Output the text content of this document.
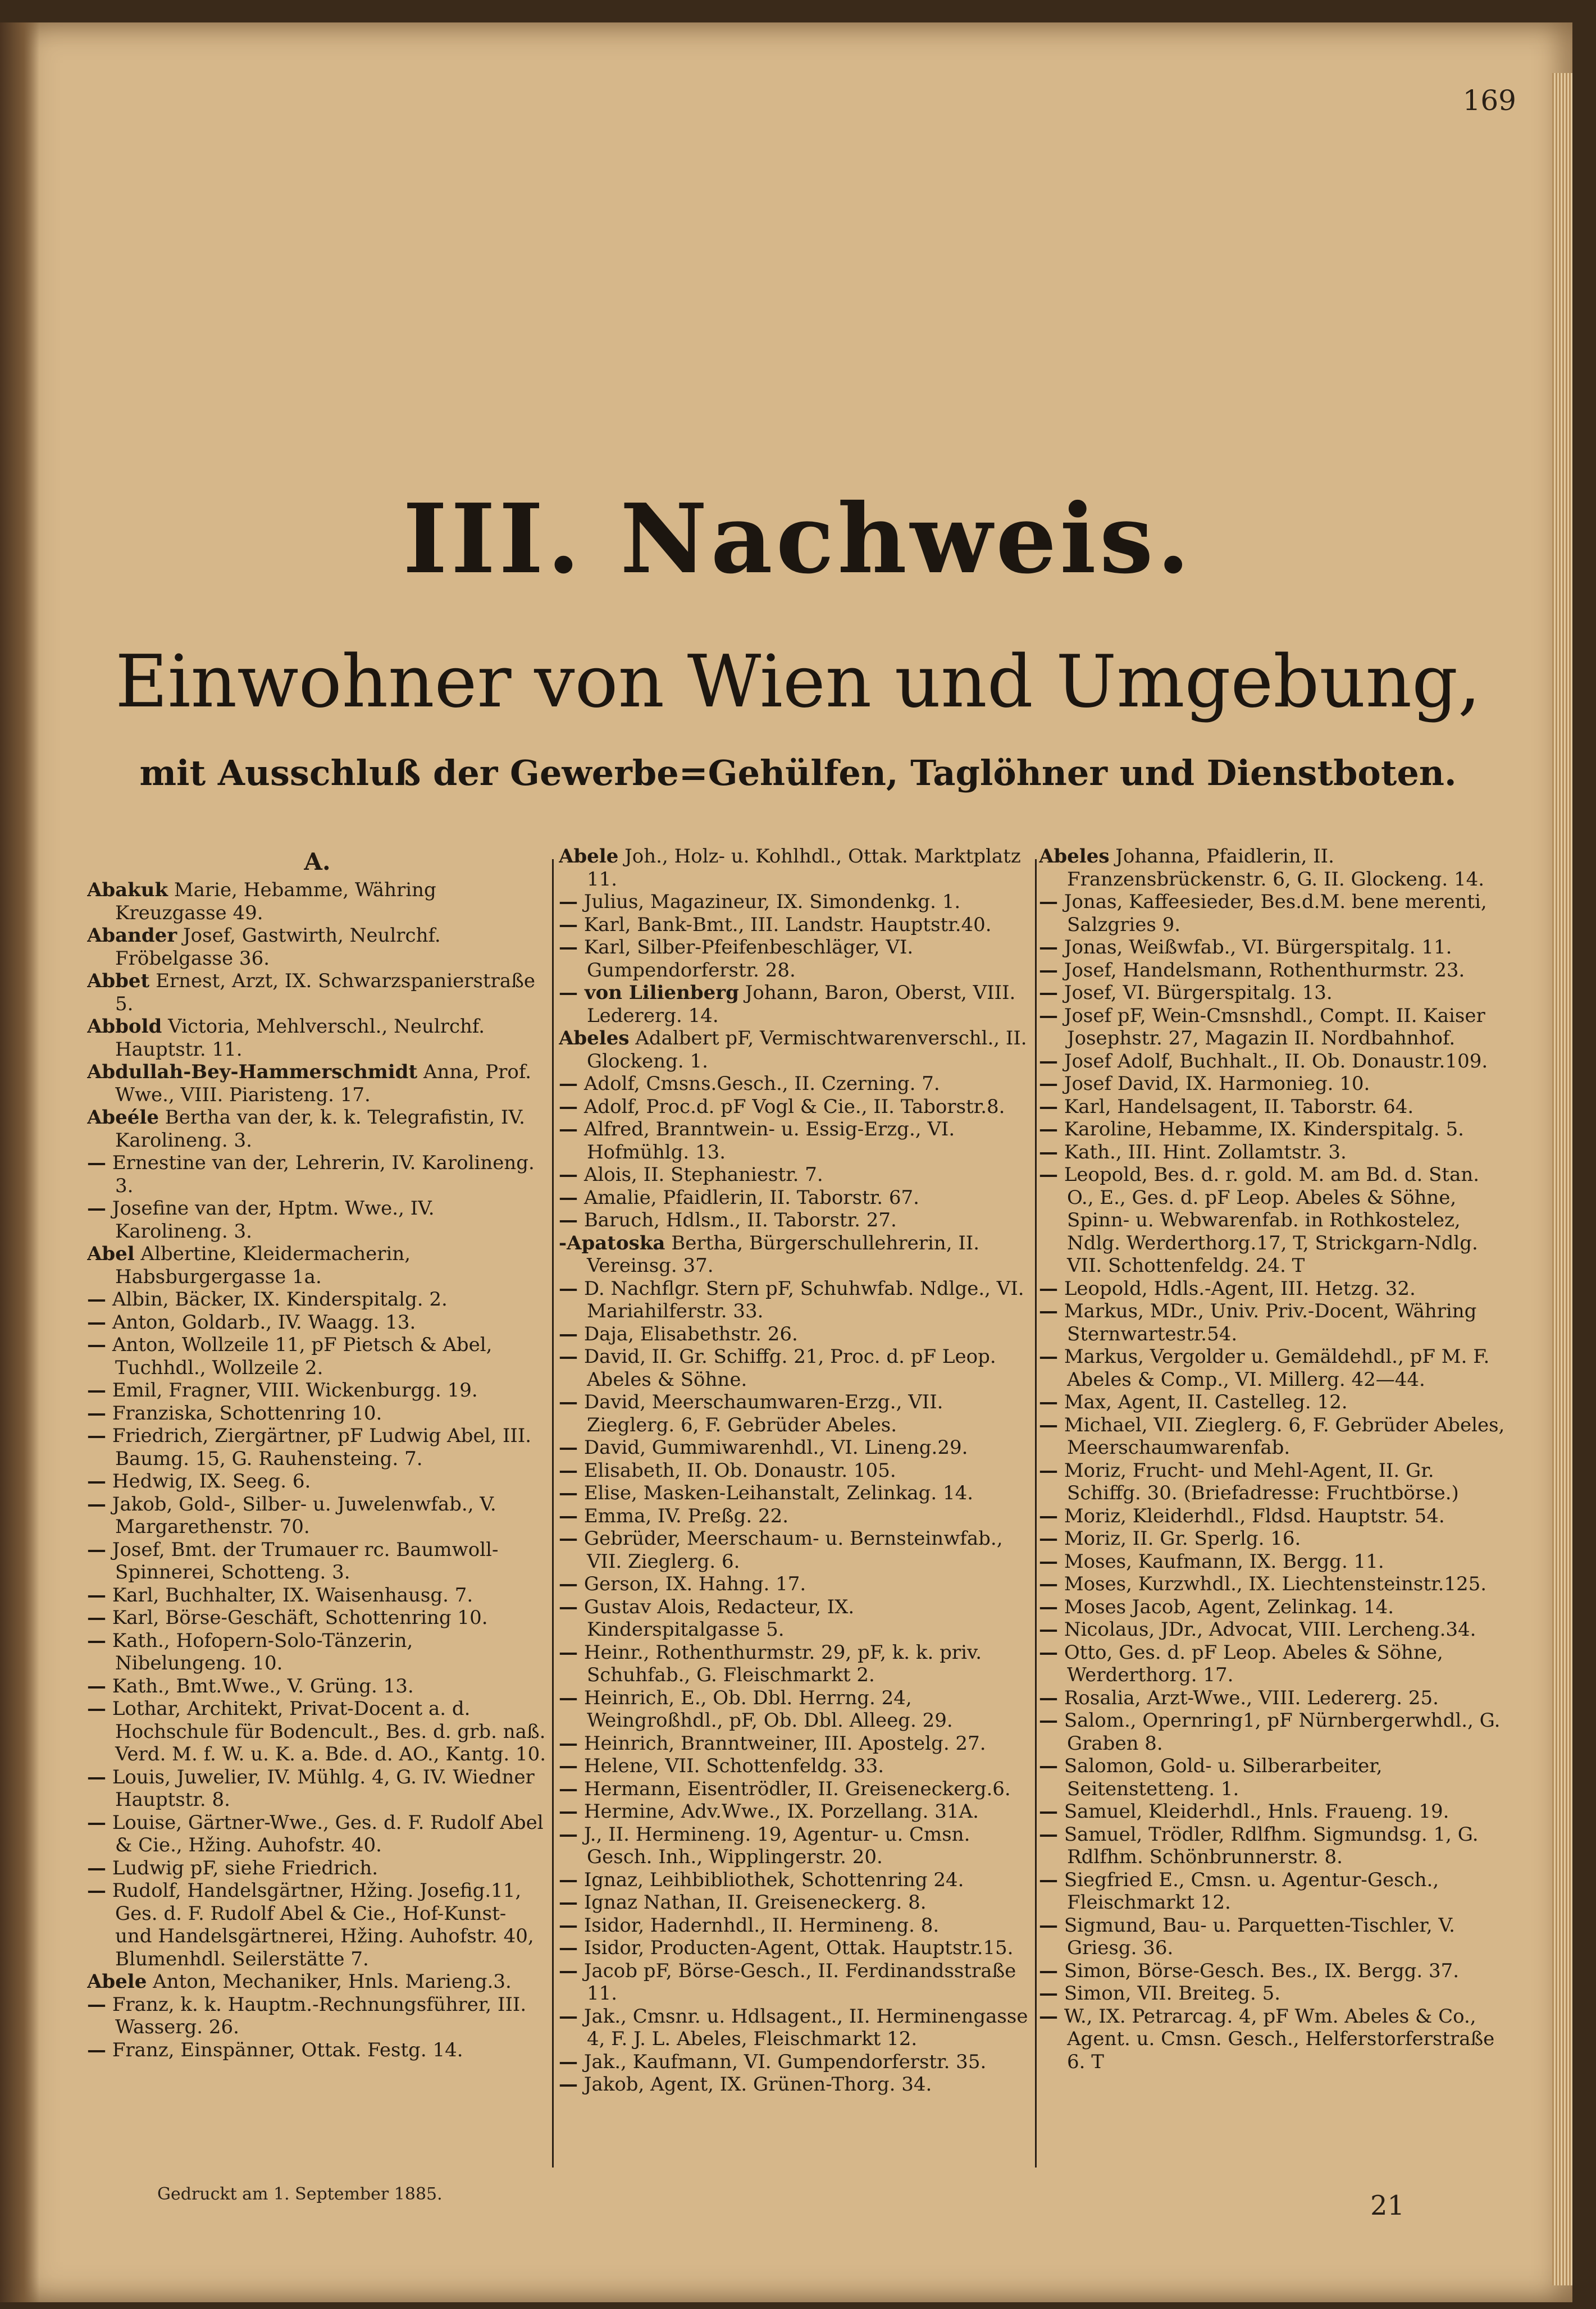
169
III. Nachweis.
Einwohner von Wien und Umgebung,
mit Ausschluß der Gewerbe=Gehülfen, Taglöhner und Dienstboten.
A.

Abakuk Marie, Hebamme, Währing Kreuzgasse 49.

Abander Josef, Gastwirth, Neulrchf. Fröbelgasse 36.

Abbet Ernest, Arzt, IX. Schwarzspanierstraße 5.

Abbold Victoria, Mehlverschl., Neulrchf. Hauptstr. 11.

Abdullah-Bey-Hammerschmidt Anna, Prof. Wwe., VIII. Piaristeng. 17.

Abeéle Bertha van der, k. k. Telegrafistin, IV. Karolineng. 3.

— Ernestine van der, Lehrerin, IV. Karolineng. 3.

— Josefine van der, Hptm. Wwe., IV. Karolineng. 3.

Abel Albertine, Kleidermacherin, Habsburgergasse 1a.

— Albin, Bäcker, IX. Kinderspitalg. 2.

— Anton, Goldarb., IV. Waagg. 13.

— Anton, Wollzeile 11, pF Pietsch & Abel, Tuchhdl., Wollzeile 2.

— Emil, Fragner, VIII. Wickenburgg. 19.

— Franziska, Schottenring 10.

— Friedrich, Ziergärtner, pF Ludwig Abel, III. Baumg. 15, G. Rauhensteing. 7.

— Hedwig, IX. Seeg. 6.

— Jakob, Gold-, Silber- u. Juwelenwfab., V. Margarethenstr. 70.

— Josef, Bmt. der Trumauer rc. Baumwoll-Spinnerei, Schotteng. 3.

— Karl, Buchhalter, IX. Waisenhausg. 7.

— Karl, Börse-Geschäft, Schottenring 10.

— Kath., Hofopern-Solo-Tänzerin, Nibelungeng. 10.

— Kath., Bmt.Wwe., V. Grüng. 13.

— Lothar, Architekt, Privat-Docent a. d. Hochschule für Bodencult., Bes. d. grb. naß. Verd. M. f. W. u. K. a. Bde. d. AO., Kantg. 10.

— Louis, Juwelier, IV. Mühlg. 4, G. IV. Wiedner Hauptstr. 8.

— Louise, Gärtner-Wwe., Ges. d. F. Rudolf Abel & Cie., Hžing. Auhofstr. 40.

— Ludwig pF, siehe Friedrich.

— Rudolf, Handelsgärtner, Hžing. Josefig.11, Ges. d. F. Rudolf Abel & Cie., Hof-Kunst- und Handelsgärtnerei, Hžing. Auhofstr. 40, Blumenhdl. Seilerstätte 7.

Abele Anton, Mechaniker, Hnls. Marieng.3.

— Franz, k. k. Hauptm.-Rechnungsführer, III. Wasserg. 26.

— Franz, Einspänner, Ottak. Festg. 14.

Abele Joh., Holz- u. Kohlhdl., Ottak. Marktplatz 11.

— Julius, Magazineur, IX. Simondenkg. 1.

— Karl, Bank-Bmt., III. Landstr. Hauptstr.40.

— Karl, Silber-Pfeifenbeschläger, VI. Gumpendorferstr. 28.

— von Lilienberg Johann, Baron, Oberst, VIII. Ledererg. 14.

Abeles Adalbert pF, Vermischtwarenverschl., II. Glockeng. 1.

— Adolf, Cmsns.Gesch., II. Czerning. 7.

— Adolf, Proc.d. pF Vogl & Cie., II. Taborstr.8.

— Alfred, Branntwein- u. Essig-Erzg., VI. Hofmühlg. 13.

— Alois, II. Stephaniestr. 7.

— Amalie, Pfaidlerin, II. Taborstr. 67.

— Baruch, Hdlsm., II. Taborstr. 27.

-Apatoska Bertha, Bürgerschullehrerin, II. Vereinsg. 37.

— D. Nachflgr. Stern pF, Schuhwfab. Ndlge., VI. Mariahilferstr. 33.

— Daja, Elisabethstr. 26.

— David, II. Gr. Schiffg. 21, Proc. d. pF Leop. Abeles & Söhne.

— David, Meerschaumwaren-Erzg., VII. Zieglerg. 6, F. Gebrüder Abeles.

— David, Gummiwarenhdl., VI. Lineng.29.

— Elisabeth, II. Ob. Donaustr. 105.

— Elise, Masken-Leihanstalt, Zelinkag. 14.

— Emma, IV. Preßg. 22.

— Gebrüder, Meerschaum- u. Bernsteinwfab., VII. Zieglerg. 6.

— Gerson, IX. Hahng. 17.

— Gustav Alois, Redacteur, IX. Kinderspitalgasse 5.

— Heinr., Rothenthurmstr. 29, pF, k. k. priv. Schuhfab., G. Fleischmarkt 2.

— Heinrich, E., Ob. Dbl. Herrng. 24, Weingroßhdl., pF, Ob. Dbl. Alleeg. 29.

— Heinrich, Branntweiner, III. Apostelg. 27.

— Helene, VII. Schottenfeldg. 33.

— Hermann, Eisentrödler, II. Greiseneckerg.6.

— Hermine, Adv.Wwe., IX. Porzellang. 31A.

— J., II. Hermineng. 19, Agentur- u. Cmsn. Gesch. Inh., Wipplingerstr. 20.

— Ignaz, Leihbibliothek, Schottenring 24.

— Ignaz Nathan, II. Greiseneckerg. 8.

— Isidor, Hadernhdl., II. Hermineng. 8.

— Isidor, Producten-Agent, Ottak. Hauptstr.15.

— Jacob pF, Börse-Gesch., II. Ferdinandsstraße 11.

— Jak., Cmsnr. u. Hdlsagent., II. Herminengasse 4, F. J. L. Abeles, Fleischmarkt 12.

— Jak., Kaufmann, VI. Gumpendorferstr. 35.

— Jakob, Agent, IX. Grünen-Thorg. 34.

Abeles Johanna, Pfaidlerin, II. Franzensbrückenstr. 6, G. II. Glockeng. 14.

— Jonas, Kaffeesieder, Bes.d.M. bene merenti, Salzgries 9.

— Jonas, Weißwfab., VI. Bürgerspitalg. 11.

— Josef, Handelsmann, Rothenthurmstr. 23.

— Josef, VI. Bürgerspitalg. 13.

— Josef pF, Wein-Cmsnshdl., Compt. II. Kaiser Josephstr. 27, Magazin II. Nordbahnhof.

— Josef Adolf, Buchhalt., II. Ob. Donaustr.109.

— Josef David, IX. Harmonieg. 10.

— Karl, Handelsagent, II. Taborstr. 64.

— Karoline, Hebamme, IX. Kinderspitalg. 5.

— Kath., III. Hint. Zollamtstr. 3.

— Leopold, Bes. d. r. gold. M. am Bd. d. Stan. O., E., Ges. d. pF Leop. Abeles & Söhne, Spinn- u. Webwarenfab. in Rothkostelez, Ndlg. Werderthorg.17, T, Strickgarn-Ndlg. VII. Schottenfeldg. 24. T

— Leopold, Hdls.-Agent, III. Hetzg. 32.

— Markus, MDr., Univ. Priv.-Docent, Währing Sternwartestr.54.

— Markus, Vergolder u. Gemäldehdl., pF M. F. Abeles & Comp., VI. Millerg. 42—44.

— Max, Agent, II. Castelleg. 12.

— Michael, VII. Zieglerg. 6, F. Gebrüder Abeles, Meerschaumwarenfab.

— Moriz, Frucht- und Mehl-Agent, II. Gr. Schiffg. 30. (Briefadresse: Fruchtbörse.)

— Moriz, Kleiderhdl., Fldsd. Hauptstr. 54.

— Moriz, II. Gr. Sperlg. 16.

— Moses, Kaufmann, IX. Bergg. 11.

— Moses, Kurzwhdl., IX. Liechtensteinstr.125.

— Moses Jacob, Agent, Zelinkag. 14.

— Nicolaus, JDr., Advocat, VIII. Lercheng.34.

— Otto, Ges. d. pF Leop. Abeles & Söhne, Werderthorg. 17.

— Rosalia, Arzt-Wwe., VIII. Ledererg. 25.

— Salom., Opernring1, pF Nürnbergerwhdl., G. Graben 8.

— Salomon, Gold- u. Silberarbeiter, Seitenstetteng. 1.

— Samuel, Kleiderhdl., Hnls. Fraueng. 19.

— Samuel, Trödler, Rdlfhm. Sigmundsg. 1, G. Rdlfhm. Schönbrunnerstr. 8.

— Siegfried E., Cmsn. u. Agentur-Gesch., Fleischmarkt 12.

— Sigmund, Bau- u. Parquetten-Tischler, V. Griesg. 36.

— Simon, Börse-Gesch. Bes., IX. Bergg. 37.

— Simon, VII. Breiteg. 5.

— W., IX. Petrarcag. 4, pF Wm. Abeles & Co., Agent. u. Cmsn. Gesch., Helferstorferstraße 6. T

Gedruckt am 1. September 1885.	21
